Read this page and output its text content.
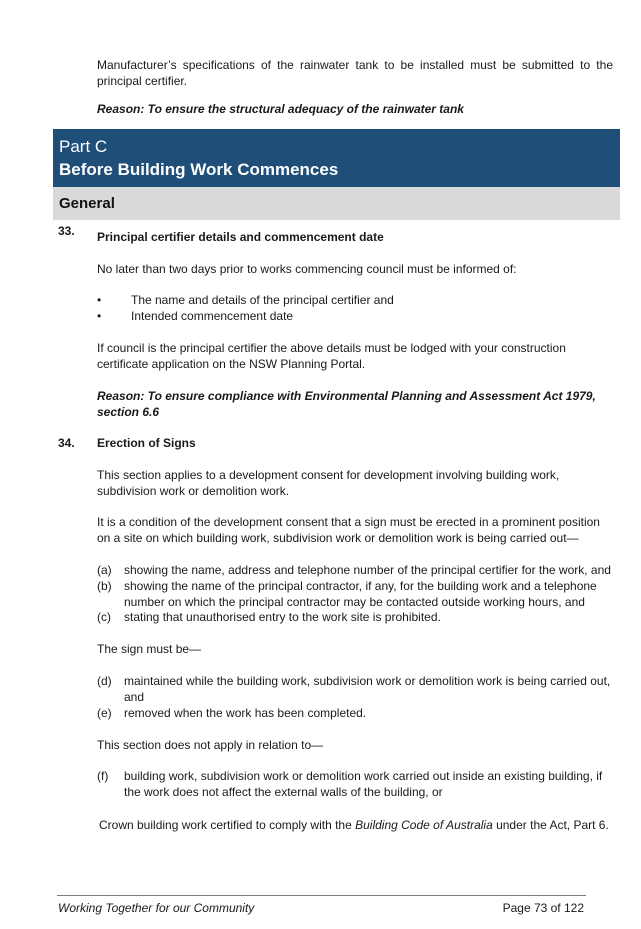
Manufacturer’s specifications of the rainwater tank to be installed must be submitted to the principal certifier.

Reason: To ensure the structural adequacy of the rainwater tank

Part C
Before Building Work Commences
General
33. Principal certifier details and commencement date

No later than two days prior to works commencing council must be informed of:

• The name and details of the principal certifier and
• Intended commencement date

If council is the principal certifier the above details must be lodged with your construction certificate application on the NSW Planning Portal.

Reason: To ensure compliance with Environmental Planning and Assessment Act 1979, section 6.6

34. Erection of Signs

This section applies to a development consent for development involving building work, subdivision work or demolition work.

It is a condition of the development consent that a sign must be erected in a prominent position on a site on which building work, subdivision work or demolition work is being carried out—

(a) showing the name, address and telephone number of the principal certifier for the work, and
(b) showing the name of the principal contractor, if any, for the building work and a telephone number on which the principal contractor may be contacted outside working hours, and
(c) stating that unauthorised entry to the work site is prohibited.

The sign must be—

(d) maintained while the building work, subdivision work or demolition work is being carried out, and
(e) removed when the work has been completed.

This section does not apply in relation to—

(f) building work, subdivision work or demolition work carried out inside an existing building, if the work does not affect the external walls of the building, or

Crown building work certified to comply with the Building Code of Australia under the Act, Part 6.

Working Together for our Community	Page 73 of 122
